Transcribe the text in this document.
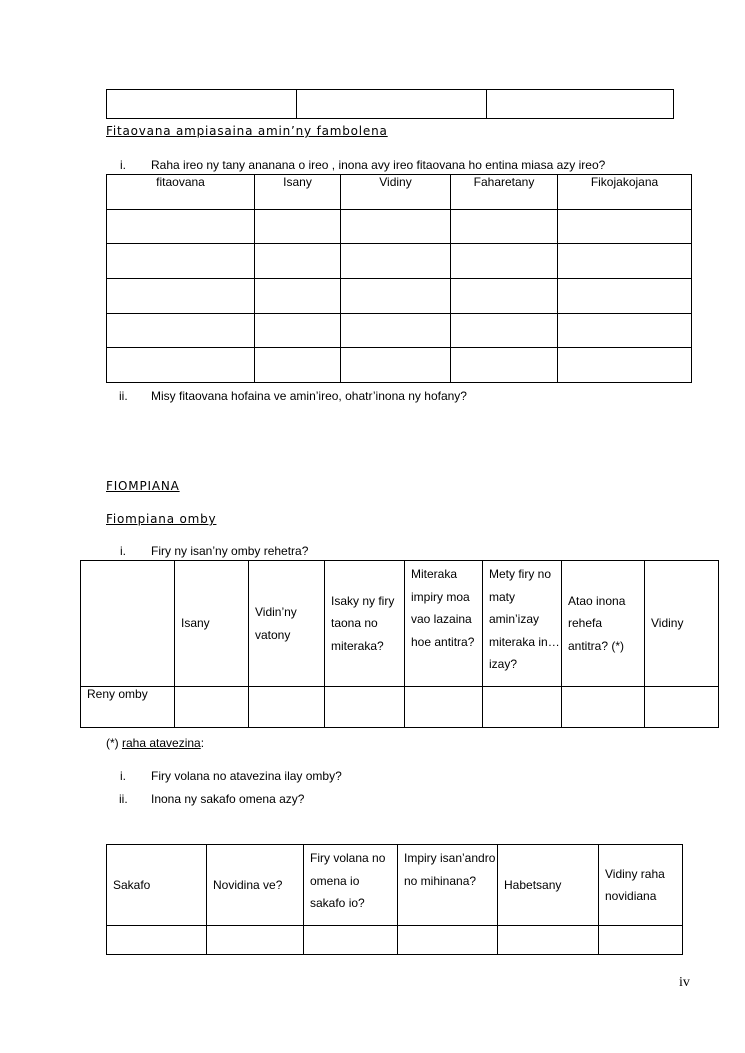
Fitaovana ampiasaina amin’ny fambolena
i. Raha ireo ny tany ananana o ireo , inona avy ireo fitaovana ho entina miasa azy ireo?
fitaovana	Isany	Vidiny	Faharetany	Fikojakojana

ii. Misy fitaovana hofaina ve amin’ireo, ohatr’inona ny hofany?
FIOMPIANA
Fiompiana omby
i. Firy ny isan’ny omby rehetra?
	Isany	Vidin’ny vatony	Isaky ny firy taona no miteraka?	Miteraka impiry moa vao lazaina hoe antitra?	Mety firy no maty amin’izay miteraka in… izay?	Atao inona rehefa antitra? (*)	Vidiny
Reny omby							
(*) raha atavezina:
i. Firy volana no atavezina ilay omby?
ii. Inona ny sakafo omena azy?
Sakafo	Novidina ve?	Firy volana no omena io sakafo io?	Impiry isan’andro no mihinana?	Habetsany	Vidiny raha novidiana

iv
